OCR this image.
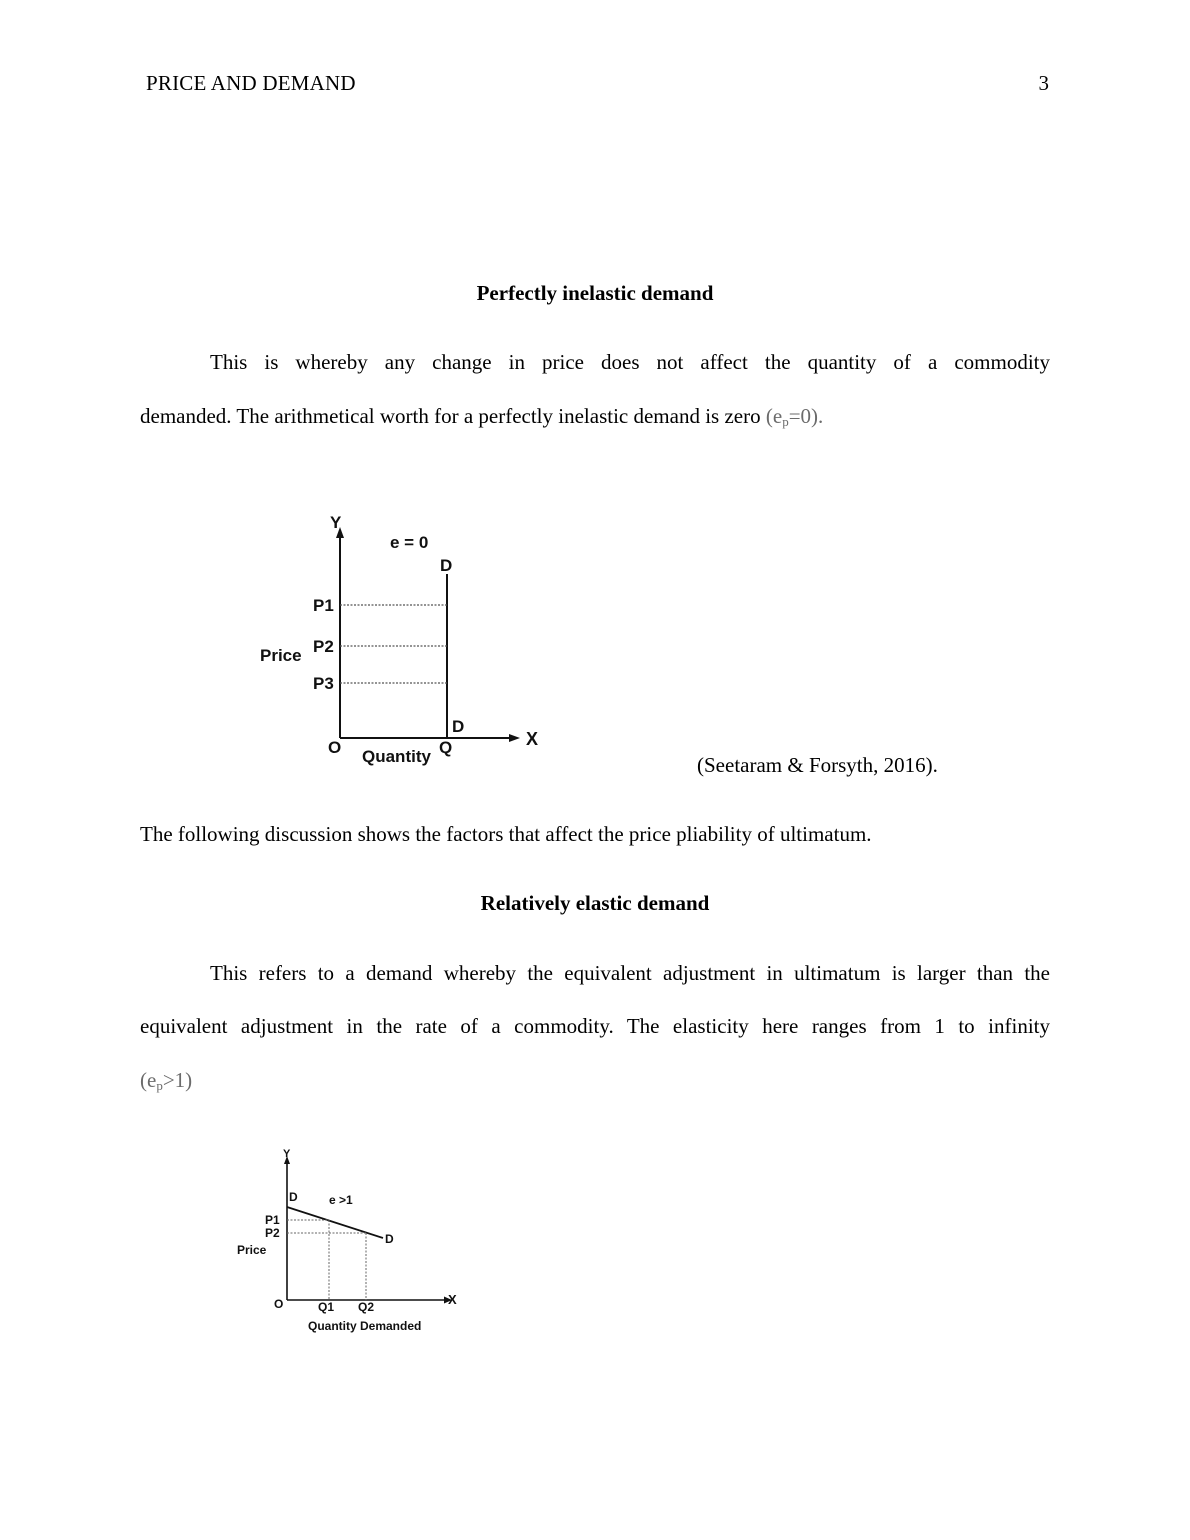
PRICE AND DEMAND	3
Perfectly inelastic demand
This is whereby any change in price does not affect the quantity of a commodity
demanded. The arithmetical worth for a perfectly inelastic demand is zero $(e_p=0)$.
Y
e = 0
D
P1
P2
Price
P3
D
X
O Quantity Q
(Seetaram & Forsyth, 2016).
The following discussion shows the factors that affect the price pliability of ultimatum.
Relatively elastic demand
This refers to a demand whereby the equivalent adjustment in ultimatum is larger than the
equivalent adjustment in the rate of a commodity. The elasticity here ranges from 1 to infinity
$(e_p>1)$
Y
D	e >1
P1
P2	D
Price
O	Q1 Q2	X
Quantity Demanded
